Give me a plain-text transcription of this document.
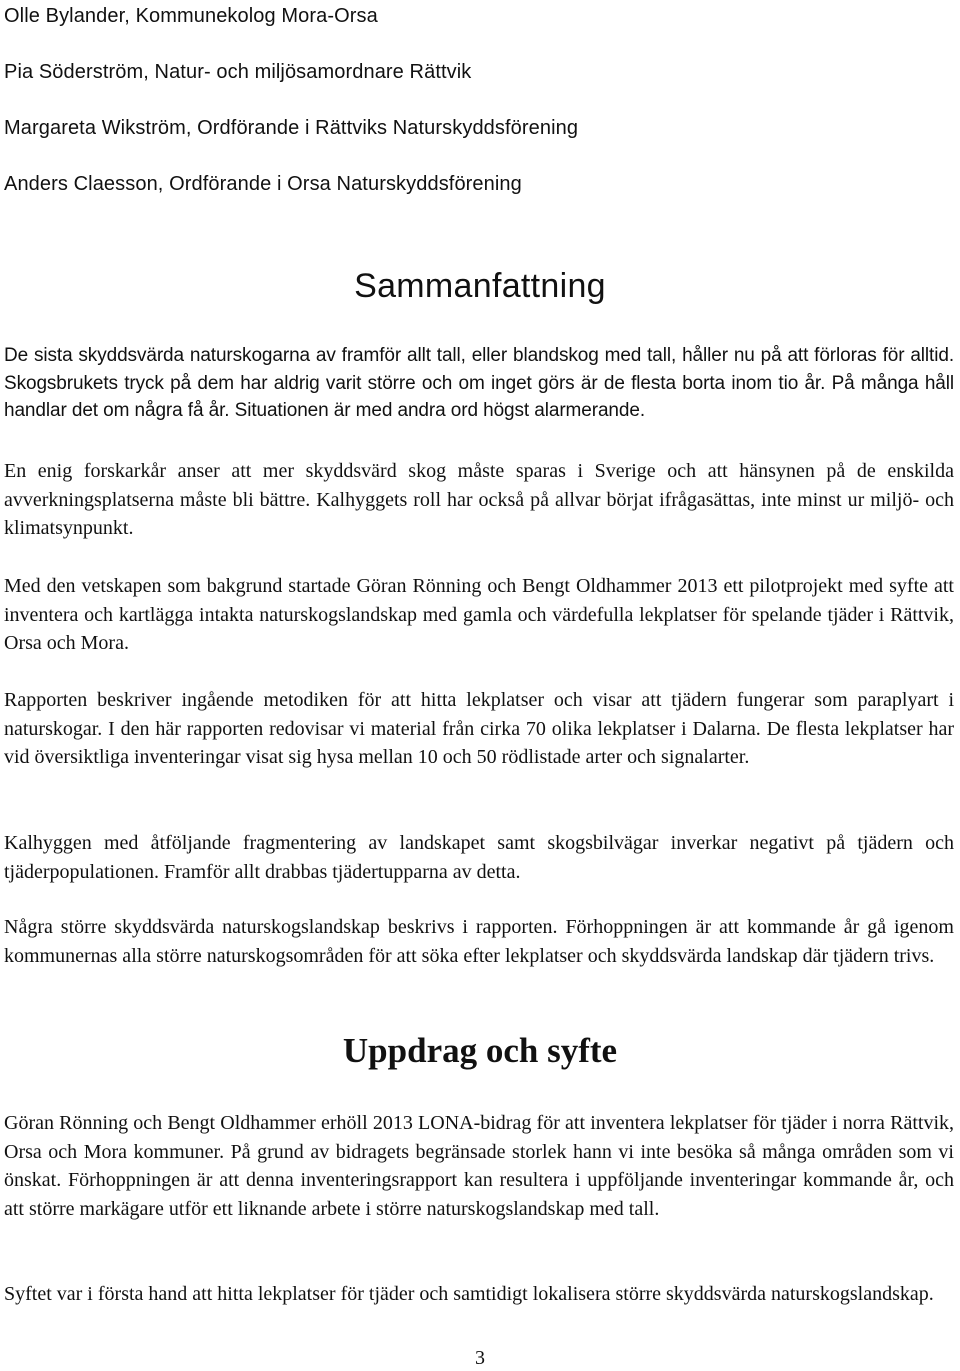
Olle Bylander, Kommunekolog Mora-Orsa
Pia Söderström, Natur- och miljösamordnare Rättvik
Margareta Wikström, Ordförande i Rättviks Naturskyddsförening
Anders Claesson, Ordförande i Orsa Naturskyddsförening
Sammanfattning

De sista skyddsvärda naturskogarna av framför allt tall, eller blandskog med tall, håller nu på att förloras för alltid. Skogsbrukets tryck på dem har aldrig varit större och om inget görs är de flesta borta inom tio år. På många håll handlar det om några få år. Situationen är med andra ord högst alarmerande.

En enig forskarkår anser att mer skyddsvärd skog måste sparas i Sverige och att hänsynen på de enskilda avverkningsplatserna måste bli bättre. Kalhyggets roll har också på allvar börjat ifrågasättas, inte minst ur miljö- och klimatsynpunkt.

Med den vetskapen som bakgrund startade Göran Rönning och Bengt Oldhammer 2013 ett pilotprojekt med syfte att inventera och kartlägga intakta naturskogslandskap med gamla och värdefulla lekplatser för spelande tjäder i Rättvik, Orsa och Mora.

Rapporten beskriver ingående metodiken för att hitta lekplatser och visar att tjädern fungerar som paraplyart i naturskogar. I den här rapporten redovisar vi material från cirka 70 olika lekplatser i Dalarna. De flesta lekplatser har vid översiktliga inventeringar visat sig hysa mellan 10 och 50 rödlistade arter och signalarter.

Kalhyggen med åtföljande fragmentering av landskapet samt skogsbilvägar inverkar negativt på tjädern och tjäderpopulationen. Framför allt drabbas tjädertupparna av detta.

Några större skyddsvärda naturskogslandskap beskrivs i rapporten. Förhoppningen är att kommande år gå igenom kommunernas alla större naturskogsområden för att söka efter lekplatser och skyddsvärda landskap där tjädern trivs.

Uppdrag och syfte

Göran Rönning och Bengt Oldhammer erhöll 2013 LONA-bidrag för att inventera lekplatser för tjäder i norra Rättvik, Orsa och Mora kommuner. På grund av bidragets begränsade storlek hann vi inte besöka så många områden som vi önskat. Förhoppningen är att denna inventeringsrapport kan resultera i uppföljande inventeringar kommande år, och att större markägare utför ett liknande arbete i större naturskogslandskap med tall.

Syftet var i första hand att hitta lekplatser för tjäder och samtidigt lokalisera större skyddsvärda naturskogslandskap.

3
